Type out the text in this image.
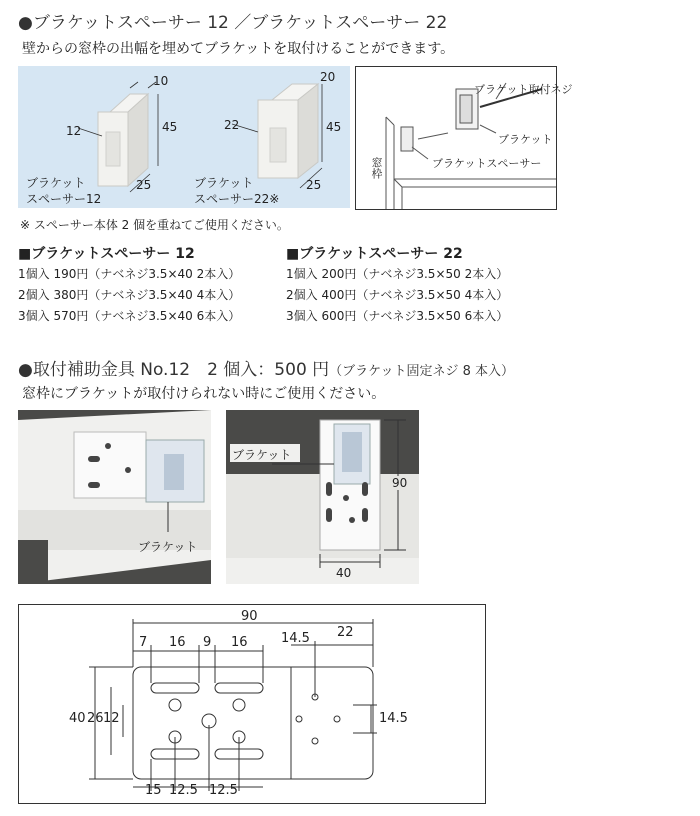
●ブラケットスペーサー 12 ／ブラケットスペーサー 22
壁からの窓枠の出幅を埋めてブラケットを取付けることができます。
10
12	45
25
ブラケット
スペーサー12
20
22	45
25
ブラケット
スペーサー22※
ブラケット取付ネジ
ブラケット
ブラケットスペーサー
窓枠
※ スペーサー本体 2 個を重ねてご使用ください。
■ブラケットスペーサー 12
1個入 190円（ナベネジ3.5×40 2本入）
2個入 380円（ナベネジ3.5×40 4本入）
3個入 570円（ナベネジ3.5×40 6本入）
■ブラケットスペーサー 22
1個入 200円（ナベネジ3.5×50 2本入）
2個入 400円（ナベネジ3.5×50 4本入）
3個入 600円（ナベネジ3.5×50 6本入）
●取付補助金具 No.12　2 個入：500 円（ブラケット固定ネジ 8 本入）
窓枠にブラケットが取付けられない時にご使用ください。
ブラケット
ブラケット
90
40
90
7 16 9 16	14.5 22
40 26 12	14.5
15 12.5 12.5
